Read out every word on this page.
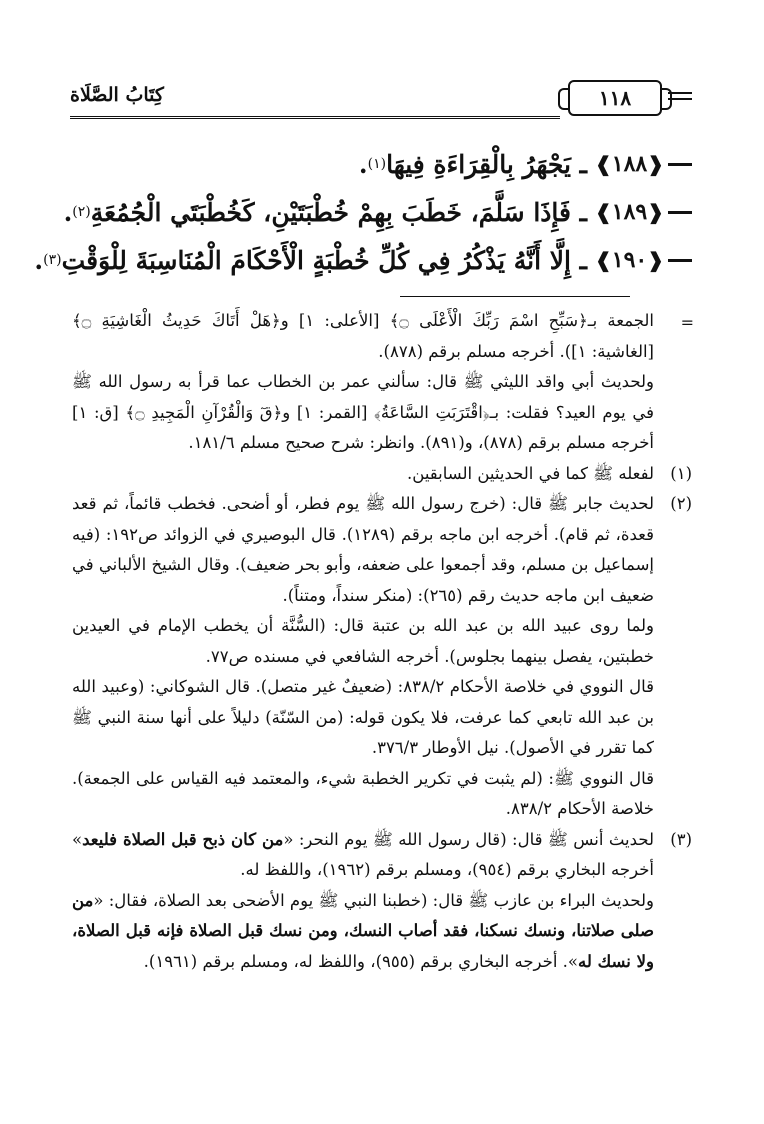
كِتَابُ الصَّلَاة	١١٨
❰
١٨٨
❱
ـ يَجْهَرُ بِالْقِرَاءَةِ فِيهَا
(١)
.
❰
١٨٩
❱
ـ فَإِذَا سَلَّمَ، خَطَبَ بِهِمْ خُطْبَتَيْنِ، كَخُطْبَتَي الْجُمُعَةِ
(٢)
.
❰
١٩٠
❱
ـ إِلَّا أَنَّهُ يَذْكُرُ فِي كُلِّ خُطْبَةٍ الْأَحْكَامَ الْمُنَاسِبَةَ لِلْوَقْتِ
(٣)
.
=

الجمعة بـ﴿سَبِّحِ اسْمَ رَبِّكَ الْأَعْلَى ۝﴾ [الأعلى: ١] و﴿هَلْ أَتَاكَ حَدِيثُ الْغَاشِيَةِ ۝﴾ [الغاشية: ١]). أخرجه مسلم برقم (٨٧٨).

ولحديث أبي واقد الليثي ﷺ قال: سألني عمر بن الخطاب عما قرأ به رسول الله ﷺ في يوم العيد؟ فقلت: بـ﴿اقْتَرَبَتِ السَّاعَةُ﴾ [القمر: ١] و﴿قٓ وَالْقُرْآنِ الْمَجِيدِ ۝﴾ [ق: ١] أخرجه مسلم برقم (٨٧٨)، و(٨٩١). وانظر: شرح صحيح مسلم ١٨١/٦.

(١)

لفعله ﷺ كما في الحديثين السابقين.

(٢)

لحديث جابر ﷺ قال: (خرج رسول الله ﷺ يوم فطر، أو أضحى. فخطب قائماً، ثم قعد قعدة، ثم قام). أخرجه ابن ماجه برقم (١٢٨٩). قال البوصيري في الزوائد ص١٩٢: (فيه إسماعيل بن مسلم، وقد أجمعوا على ضعفه، وأبو بحر ضعيف). وقال الشيخ الألباني في ضعيف ابن ماجه حديث رقم (٢٦٥): (منكر سنداً، ومتناً).

ولما روى عبيد الله بن عبد الله بن عتبة قال: (السُّنَّة أن يخطب الإمام في العيدين خطبتين، يفصل بينهما بجلوس). أخرجه الشافعي في مسنده ص٧٧.

قال النووي في خلاصة الأحكام ٨٣٨/٢: (ضعيفٌ غير متصل). قال الشوكاني: (وعبيد الله بن عبد الله تابعي كما عرفت، فلا يكون قوله: (من السّنّة) دليلاً على أنها سنة النبي ﷺ كما تقرر في الأصول). نيل الأوطار ٣٧٦/٣.

قال النووي ﷺ: (لم يثبت في تكرير الخطبة شيء، والمعتمد فيه القياس على الجمعة). خلاصة الأحكام ٨٣٨/٢.

(٣)

لحديث أنس ﷺ قال: (قال رسول الله ﷺ يوم النحر: «من كان ذبح قبل الصلاة فليعد» أخرجه البخاري برقم (٩٥٤)، ومسلم برقم (١٩٦٢)، واللفظ له.

ولحديث البراء بن عازب ﷺ قال: (خطبنا النبي ﷺ يوم الأضحى بعد الصلاة، فقال: «من صلى صلاتنا، ونسك نسكنا، فقد أصاب النسك، ومن نسك قبل الصلاة فإنه قبل الصلاة، ولا نسك له». أخرجه البخاري برقم (٩٥٥)، واللفظ له، ومسلم برقم (١٩٦١).
